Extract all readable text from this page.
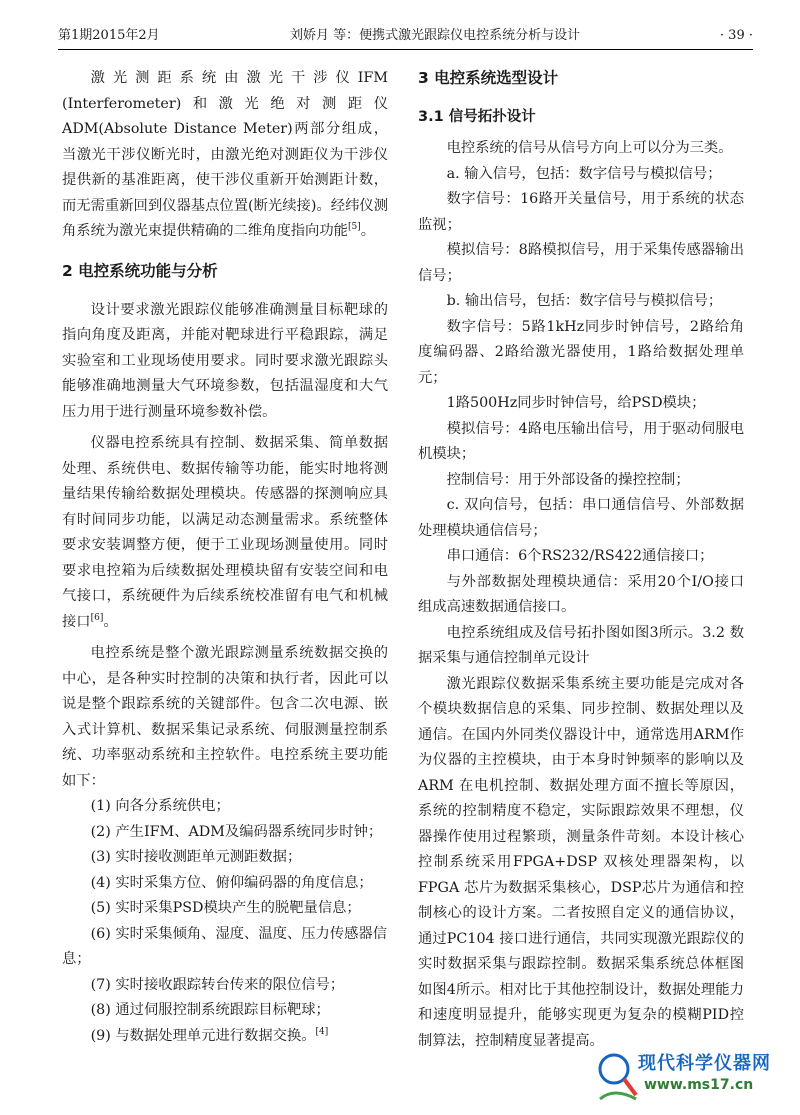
第1期2015年2月	刘娇月 等：便携式激光跟踪仪电控系统分析与设计	· 39 ·

激光测距系统由激光干涉仪IFM (Interferometer)和激光绝对测距仪ADM(Absolute Distance Meter)两部分组成，当激光干涉仪断光时，由激光绝对测距仪为干涉仪提供新的基准距离，使干涉仪重新开始测距计数，而无需重新回到仪器基点位置(断光续接)。经纬仪测角系统为激光束提供精确的二维角度指向功能[5]。

2 电控系统功能与分析

设计要求激光跟踪仪能够准确测量目标靶球的指向角度及距离，并能对靶球进行平稳跟踪，满足实验室和工业现场使用要求。同时要求激光跟踪头能够准确地测量大气环境参数，包括温湿度和大气压力用于进行测量环境参数补偿。

仪器电控系统具有控制、数据采集、简单数据处理、系统供电、数据传输等功能，能实时地将测量结果传输给数据处理模块。传感器的探测响应具有时间同步功能，以满足动态测量需求。系统整体要求安装调整方便，便于工业现场测量使用。同时要求电控箱为后续数据处理模块留有安装空间和电气接口，系统硬件为后续系统校准留有电气和机械接口[6]。

电控系统是整个激光跟踪测量系统数据交换的中心，是各种实时控制的决策和执行者，因此可以说是整个跟踪系统的关键部件。包含二次电源、嵌入式计算机、数据采集记录系统、伺服测量控制系统、功率驱动系统和主控软件。电控系统主要功能如下：

(1) 向各分系统供电；
(2) 产生IFM、ADM及编码器系统同步时钟；
(3) 实时接收测距单元测距数据；
(4) 实时采集方位、俯仰编码器的角度信息；
(5) 实时采集PSD模块产生的脱靶量信息；
(6) 实时采集倾角、湿度、温度、压力传感器信息；
(7) 实时接收跟踪转台传来的限位信号；
(8) 通过伺服控制系统跟踪目标靶球；
(9) 与数据处理单元进行数据交换。[4]
3 电控系统选型设计
3.1 信号拓扑设计

电控系统的信号从信号方向上可以分为三类。

a. 输入信号，包括：数字信号与模拟信号；

数字信号：16路开关量信号，用于系统的状态监视；

模拟信号：8路模拟信号，用于采集传感器输出信号；

b. 输出信号，包括：数字信号与模拟信号；

数字信号：5路1kHz同步时钟信号，2路给角度编码器、2路给激光器使用，1路给数据处理单元；

1路500Hz同步时钟信号，给PSD模块；

模拟信号：4路电压输出信号，用于驱动伺服电机模块；

控制信号：用于外部设备的操控控制；

c. 双向信号，包括：串口通信信号、外部数据处理模块通信信号；

串口通信：6个RS232/RS422通信接口；

与外部数据处理模块通信：采用20个I/O接口组成高速数据通信接口。

电控系统组成及信号拓扑图如图3所示。3.2 数据采集与通信控制单元设计

激光跟踪仪数据采集系统主要功能是完成对各个模块数据信息的采集、同步控制、数据处理以及通信。在国内外同类仪器设计中，通常选用ARM作为仪器的主控模块，由于本身时钟频率的影响以及ARM 在电机控制、数据处理方面不擅长等原因，系统的控制精度不稳定，实际跟踪效果不理想，仪器操作使用过程繁琐，测量条件苛刻。本设计核心控制系统采用FPGA+DSP 双核处理器架构，以 FPGA 芯片为数据采集核心，DSP芯片为通信和控制核心的设计方案。二者按照自定义的通信协议，通过PC104 接口进行通信，共同实现激光跟踪仪的实时数据采集与跟踪控制。数据采集系统总体框图如图4所示。相对比于其他控制设计，数据处理能力和速度明显提升，能够实现更为复杂的模糊PID控制算法，控制精度显著提高。

现代科学仪器网
www.ms17.cn
